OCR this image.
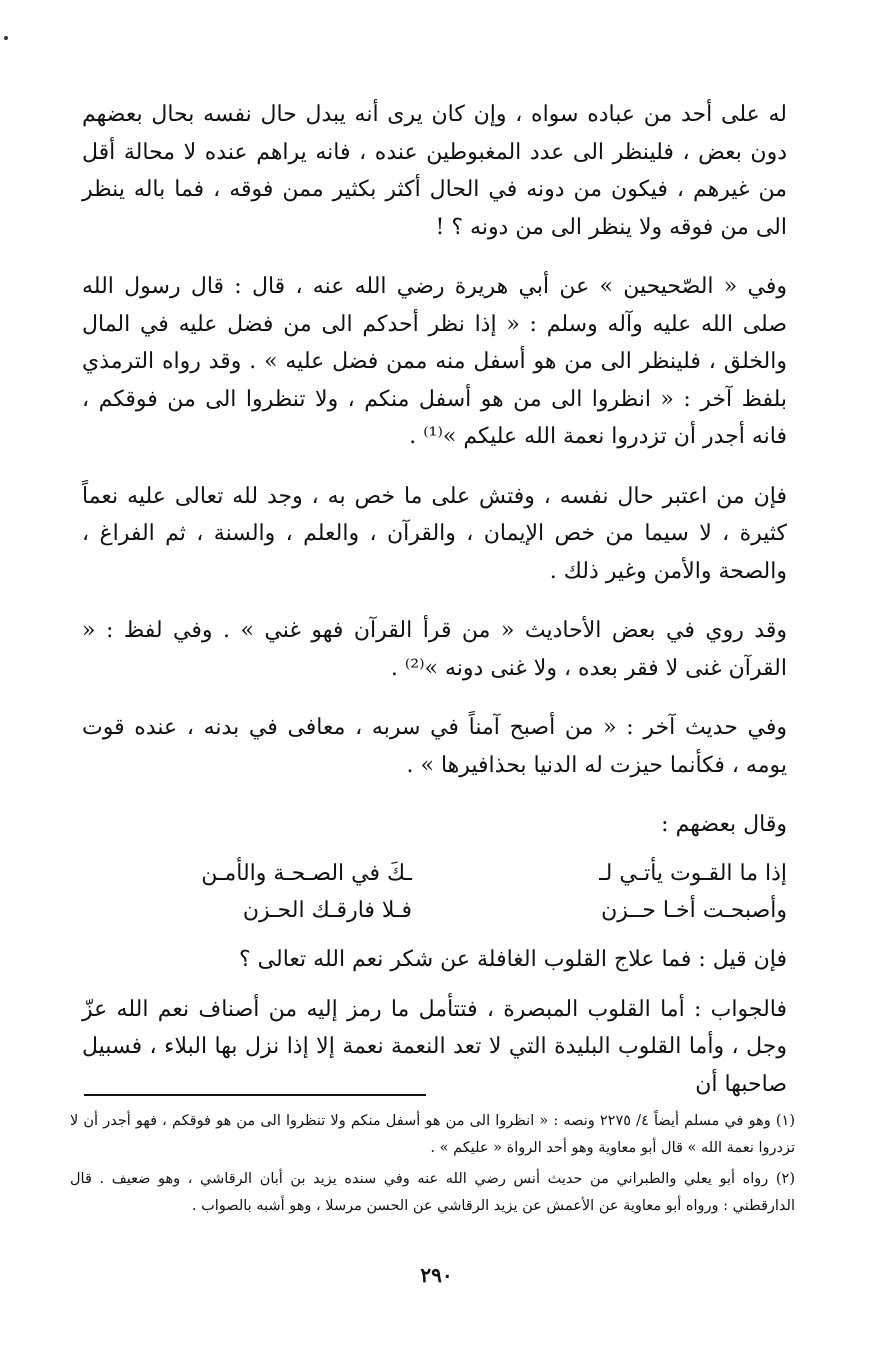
له على أحد من عباده سواه ، وإن كان يرى أنه يبدل حال نفسه بحال بعضهم دون بعض ، فلينظر الى عدد المغبوطين عنده ، فانه يراهم عنده لا محالة أقل من غيرهم ، فيكون من دونه في الحال أكثر بكثير ممن فوقه ، فما باله ينظر الى من فوقه ولا ينظر الى من دونه ؟ !

وفي « الصّحيحين » عن أبي هريرة رضي الله عنه ، قال : قال رسول الله صلى الله عليه وآله وسلم : « إذا نظر أحدكم الى من فضل عليه في المال والخلق ، فلينظر الى من هو أسفل منه ممن فضل عليه » . وقد رواه الترمذي بلفظ آخر : « انظروا الى من هو أسفل منكم ، ولا تنظروا الى من فوقكم ، فانه أجدر أن تزدروا نعمة الله عليكم »⁽¹⁾ .

فإن من اعتبر حال نفسه ، وفتش على ما خص به ، وجد لله تعالى عليه نعماً كثيرة ، لا سيما من خص الإيمان ، والقرآن ، والعلم ، والسنة ، ثم الفراغ ، والصحة والأمن وغير ذلك .

وقد روي في بعض الأحاديث « من قرأ القرآن فهو غني » . وفي لفظ : « القرآن غنى لا فقر بعده ، ولا غنى دونه »⁽²⁾ .

وفي حديث آخر : « من أصبح آمناً في سربه ، معافى في بدنه ، عنده قوت يومه ، فكأنما حيزت له الدنيا بحذافيرها » .

وقال بعضهم :
إذا ما القـوت يأتـي لـ
ـكَ في الصـحـة والأمـن
وأصبحـت أخـا حــزن
فـلا فارقـك الحـزن

فإن قيل : فما علاج القلوب الغافلة عن شكر نعم الله تعالى ؟

فالجواب : أما القلوب المبصرة ، فتتأمل ما رمز إليه من أصناف نعم الله عزّ وجل ، وأما القلوب البليدة التي لا تعد النعمة نعمة إلا إذا نزل بها البلاء ، فسبيل صاحبها أن

(١) وهو في مسلم أيضاً ٤/ ٢٢٧٥ ونصه : « انظروا الى من هو أسفل منكم ولا تنظروا الى من هو فوقكم ، فهو أجدر أن لا تزدروا نعمة الله » قال أبو معاوية وهو أحد الرواة « عليكم » .

(٢) رواه أبو يعلي والطبراني من حديث أنس رضي الله عنه وفي سنده يزيد بن أبان الرقاشي ، وهو ضعيف . قال الدارقطني : ورواه أبو معاوية عن الأعمش عن يزيد الرقاشي عن الحسن مرسلا ، وهو أشبه بالصواب .

٢٩٠
